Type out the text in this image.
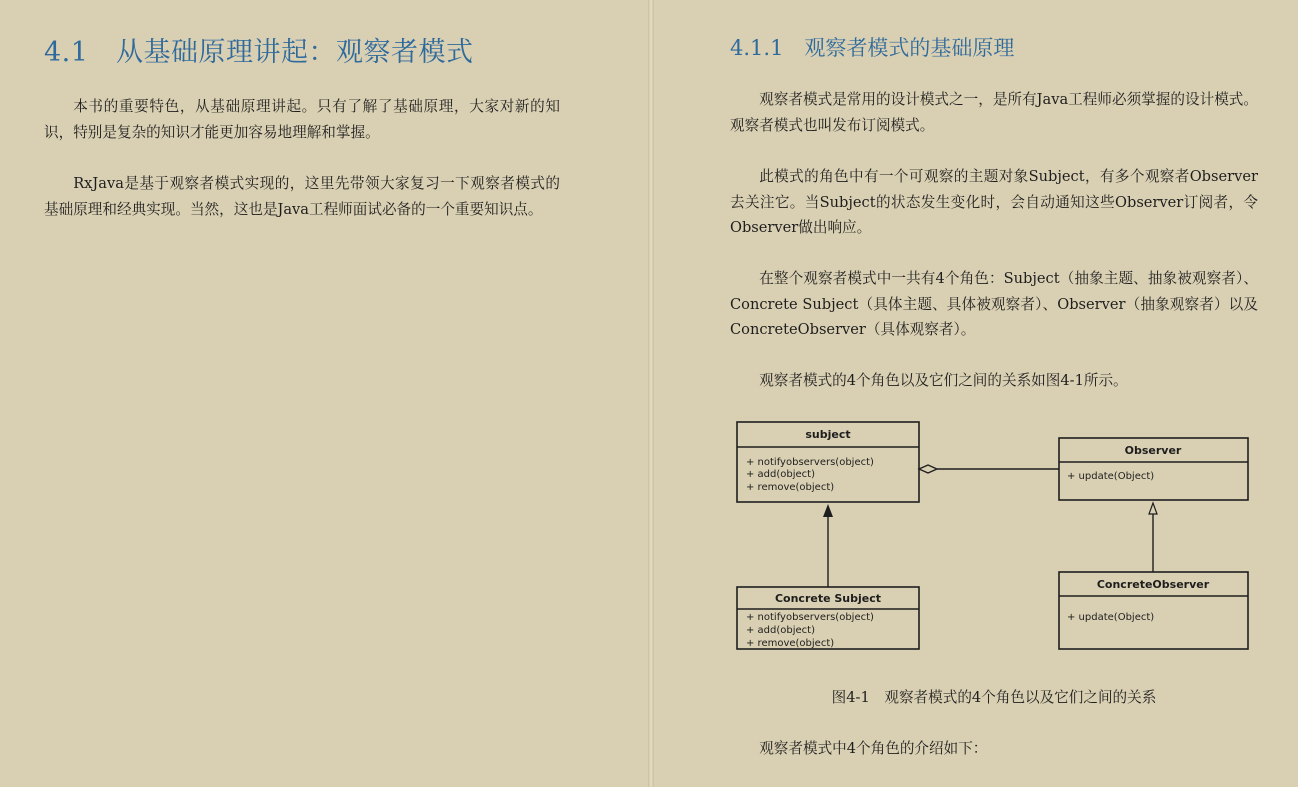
4.1　从基础原理讲起：观察者模式

本书的重要特色，从基础原理讲起。只有了解了基础原理，大家对新的知识，特别是复杂的知识才能更加容易地理解和掌握。

RxJava是基于观察者模式实现的，这里先带领大家复习一下观察者模式的基础原理和经典实现。当然，这也是Java工程师面试必备的一个重要知识点。

4.1.1　观察者模式的基础原理

观察者模式是常用的设计模式之一，是所有Java工程师必须掌握的设计模式。观察者模式也叫发布订阅模式。

此模式的角色中有一个可观察的主题对象Subject，有多个观察者Observer去关注它。当Subject的状态发生变化时，会自动通知这些Observer订阅者，令Observer做出响应。

在整个观察者模式中一共有4个角色：Subject（抽象主题、抽象被观察者）、Concrete Subject（具体主题、具体被观察者）、Observer（抽象观察者）以及ConcreteObserver（具体观察者）。

观察者模式的4个角色以及它们之间的关系如图4-1所示。

subject
+ notifyobservers(object)
+ add(object)
+ remove(object)
Observer
+ update(Object)
Concrete Subject
+ notifyobservers(object)
+ add(object)
+ remove(object)
ConcreteObserver
+ update(Object)

图4-1　观察者模式的4个角色以及它们之间的关系

观察者模式中4个角色的介绍如下：
